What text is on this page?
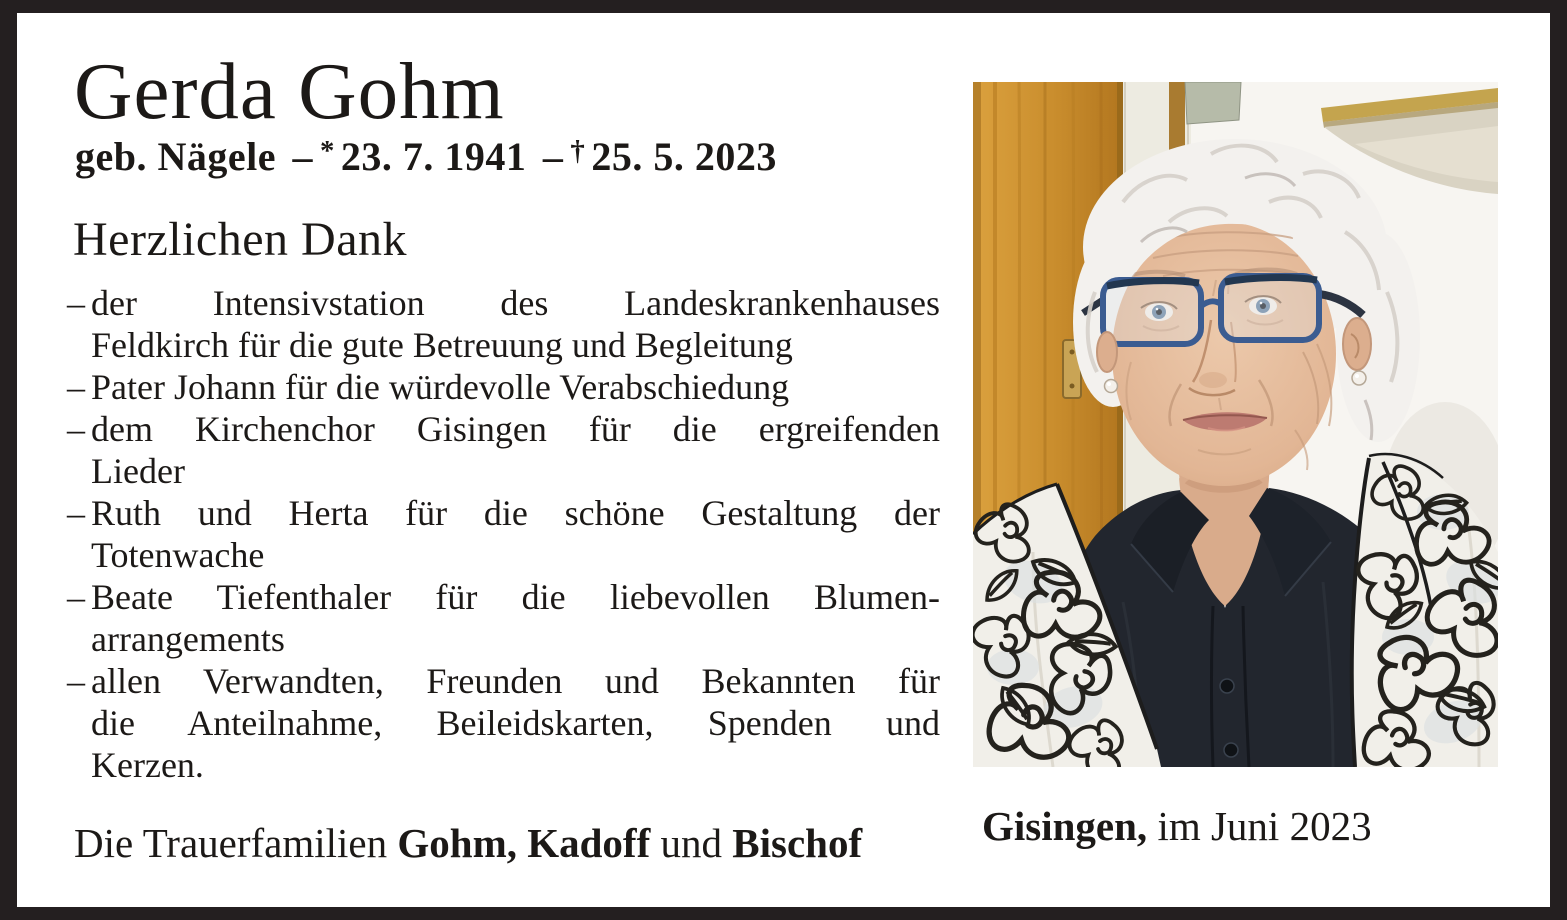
Gerda Gohm
geb. Nägele – * 23. 7. 1941 – † 25. 5. 2023
Herzlichen Dank
– der Intensivstation des Landeskrankenhauses
Feldkirch für die gute Betreuung und Begleitung
– Pater Johann für die würdevolle Verabschiedung
– dem Kirchenchor Gisingen für die ergreifenden
Lieder
– Ruth und Herta für die schöne Gestaltung der
Totenwache
– Beate Tiefenthaler für die liebevollen Blumen-
arrangements
– allen Verwandten, Freunden und Bekannten für
die Anteilnahme, Beileidskarten, Spenden und
Kerzen.
Die Trauerfamilien Gohm, Kadoff und Bischof	Gisingen, im Juni 2023
